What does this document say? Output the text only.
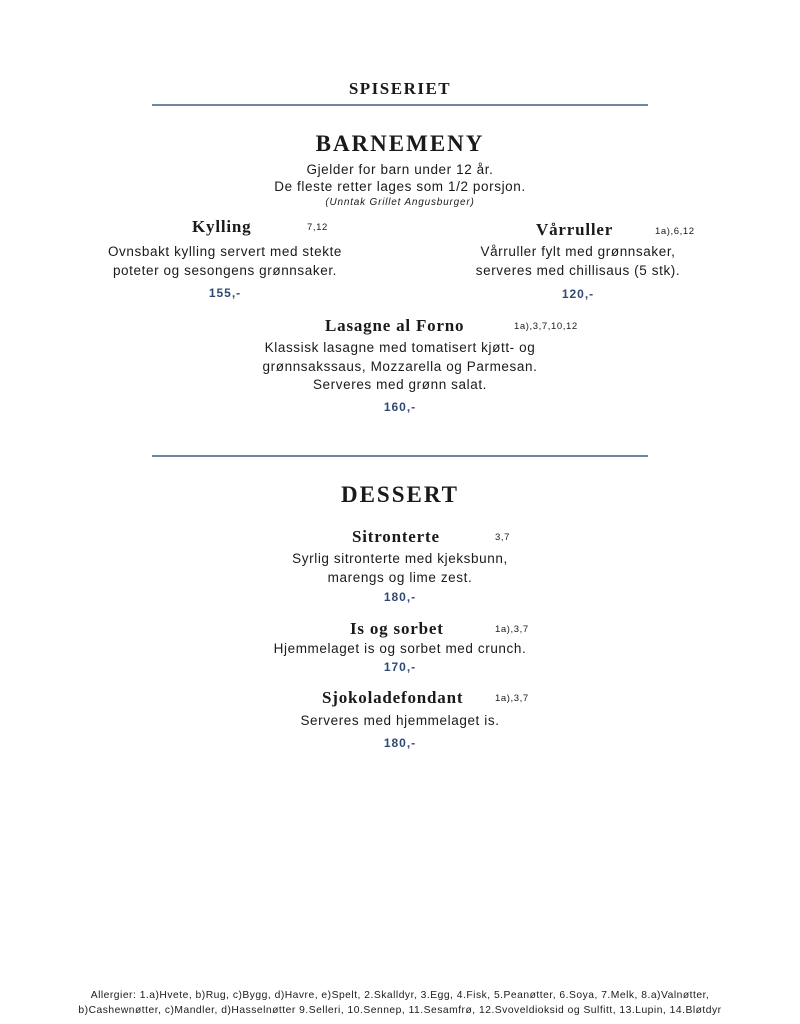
SPISERIET
BARNEMENY
Gjelder for barn under 12 år.
De fleste retter lages som 1/2 porsjon.
(Unntak Grillet Angusburger)
Kylling	7,12
Ovnsbakt kylling servert med stekte
poteter og sesongens grønnsaker.
155,-
Vårruller	1a),6,12
Vårruller fylt med grønnsaker,
serveres med chillisaus (5 stk).
120,-
Lasagne al Forno	1a),3,7,10,12
Klassisk lasagne med tomatisert kjøtt- og
grønnsakssaus, Mozzarella og Parmesan.
Serveres med grønn salat.
160,-
DESSERT
Sitronterte	3,7
Syrlig sitronterte med kjeksbunn,
marengs og lime zest.
180,-
Is og sorbet	1a),3,7
Hjemmelaget is og sorbet med crunch.
170,-
Sjokoladefondant	1a),3,7
Serveres med hjemmelaget is.
180,-
Allergier: 1.a)Hvete, b)Rug, c)Bygg, d)Havre, e)Spelt, 2.Skalldyr, 3.Egg, 4.Fisk, 5.Peanøtter, 6.Soya, 7.Melk, 8.a)Valnøtter,
b)Cashewnøtter, c)Mandler, d)Hasselnøtter 9.Selleri, 10.Sennep, 11.Sesamfrø, 12.Svoveldioksid og Sulfitt, 13.Lupin, 14.Bløtdyr
